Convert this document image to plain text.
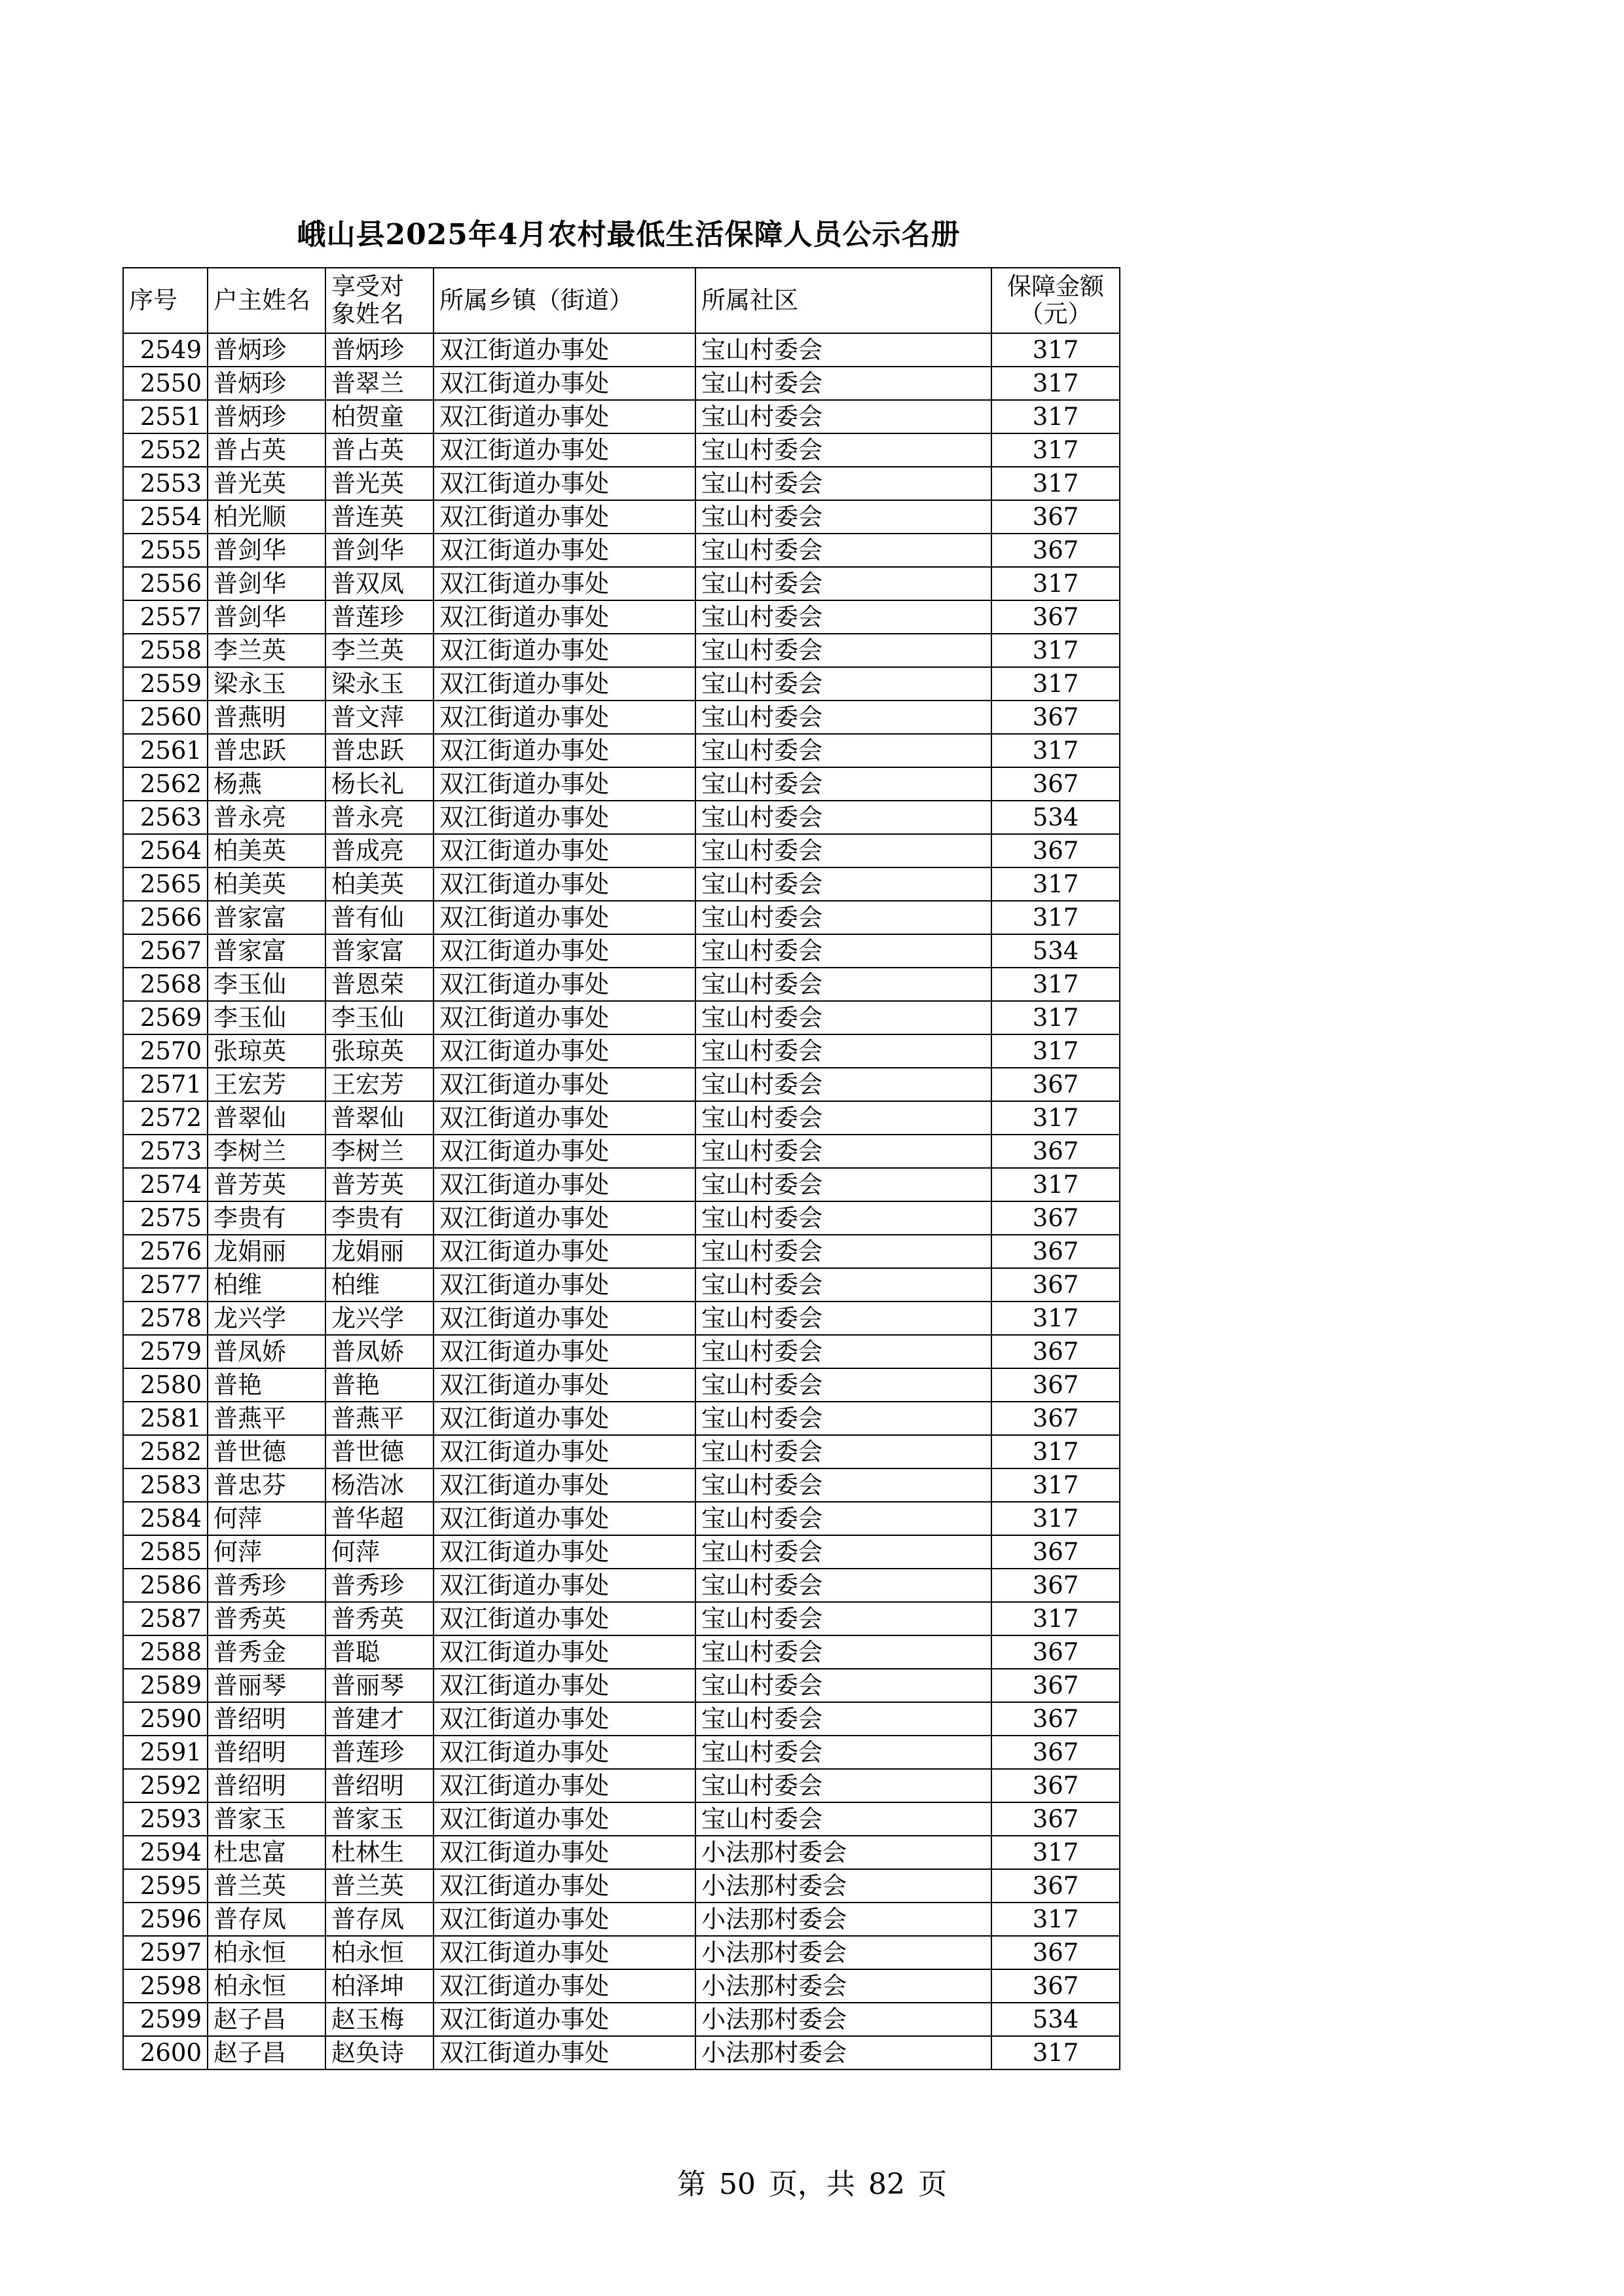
峨山县2025年4月农村最低生活保障人员公示名册
序号	户主姓名	享受对象姓名	所属乡镇（街道）	所属社区	保障金额（元）
2549	普炳珍	普炳珍	双江街道办事处	宝山村委会	317
2550	普炳珍	普翠兰	双江街道办事处	宝山村委会	317
2551	普炳珍	柏贺童	双江街道办事处	宝山村委会	317
2552	普占英	普占英	双江街道办事处	宝山村委会	317
2553	普光英	普光英	双江街道办事处	宝山村委会	317
2554	柏光顺	普连英	双江街道办事处	宝山村委会	367
2555	普剑华	普剑华	双江街道办事处	宝山村委会	367
2556	普剑华	普双凤	双江街道办事处	宝山村委会	317
2557	普剑华	普莲珍	双江街道办事处	宝山村委会	367
2558	李兰英	李兰英	双江街道办事处	宝山村委会	317
2559	梁永玉	梁永玉	双江街道办事处	宝山村委会	317
2560	普燕明	普文萍	双江街道办事处	宝山村委会	367
2561	普忠跃	普忠跃	双江街道办事处	宝山村委会	317
2562	杨燕	杨长礼	双江街道办事处	宝山村委会	367
2563	普永亮	普永亮	双江街道办事处	宝山村委会	534
2564	柏美英	普成亮	双江街道办事处	宝山村委会	367
2565	柏美英	柏美英	双江街道办事处	宝山村委会	317
2566	普家富	普有仙	双江街道办事处	宝山村委会	317
2567	普家富	普家富	双江街道办事处	宝山村委会	534
2568	李玉仙	普恩荣	双江街道办事处	宝山村委会	317
2569	李玉仙	李玉仙	双江街道办事处	宝山村委会	317
2570	张琼英	张琼英	双江街道办事处	宝山村委会	317
2571	王宏芳	王宏芳	双江街道办事处	宝山村委会	367
2572	普翠仙	普翠仙	双江街道办事处	宝山村委会	317
2573	李树兰	李树兰	双江街道办事处	宝山村委会	367
2574	普芳英	普芳英	双江街道办事处	宝山村委会	317
2575	李贵有	李贵有	双江街道办事处	宝山村委会	367
2576	龙娟丽	龙娟丽	双江街道办事处	宝山村委会	367
2577	柏维	柏维	双江街道办事处	宝山村委会	367
2578	龙兴学	龙兴学	双江街道办事处	宝山村委会	317
2579	普凤娇	普凤娇	双江街道办事处	宝山村委会	367
2580	普艳	普艳	双江街道办事处	宝山村委会	367
2581	普燕平	普燕平	双江街道办事处	宝山村委会	367
2582	普世德	普世德	双江街道办事处	宝山村委会	317
2583	普忠芬	杨浩冰	双江街道办事处	宝山村委会	317
2584	何萍	普华超	双江街道办事处	宝山村委会	317
2585	何萍	何萍	双江街道办事处	宝山村委会	367
2586	普秀珍	普秀珍	双江街道办事处	宝山村委会	367
2587	普秀英	普秀英	双江街道办事处	宝山村委会	317
2588	普秀金	普聪	双江街道办事处	宝山村委会	367
2589	普丽琴	普丽琴	双江街道办事处	宝山村委会	367
2590	普绍明	普建才	双江街道办事处	宝山村委会	367
2591	普绍明	普莲珍	双江街道办事处	宝山村委会	367
2592	普绍明	普绍明	双江街道办事处	宝山村委会	367
2593	普家玉	普家玉	双江街道办事处	宝山村委会	367
2594	杜忠富	杜林生	双江街道办事处	小法那村委会	317
2595	普兰英	普兰英	双江街道办事处	小法那村委会	367
2596	普存凤	普存凤	双江街道办事处	小法那村委会	317
2597	柏永恒	柏永恒	双江街道办事处	小法那村委会	367
2598	柏永恒	柏泽坤	双江街道办事处	小法那村委会	367
2599	赵子昌	赵玉梅	双江街道办事处	小法那村委会	534
2600	赵子昌	赵奂诗	双江街道办事处	小法那村委会	317
第 50 页，共 82 页
